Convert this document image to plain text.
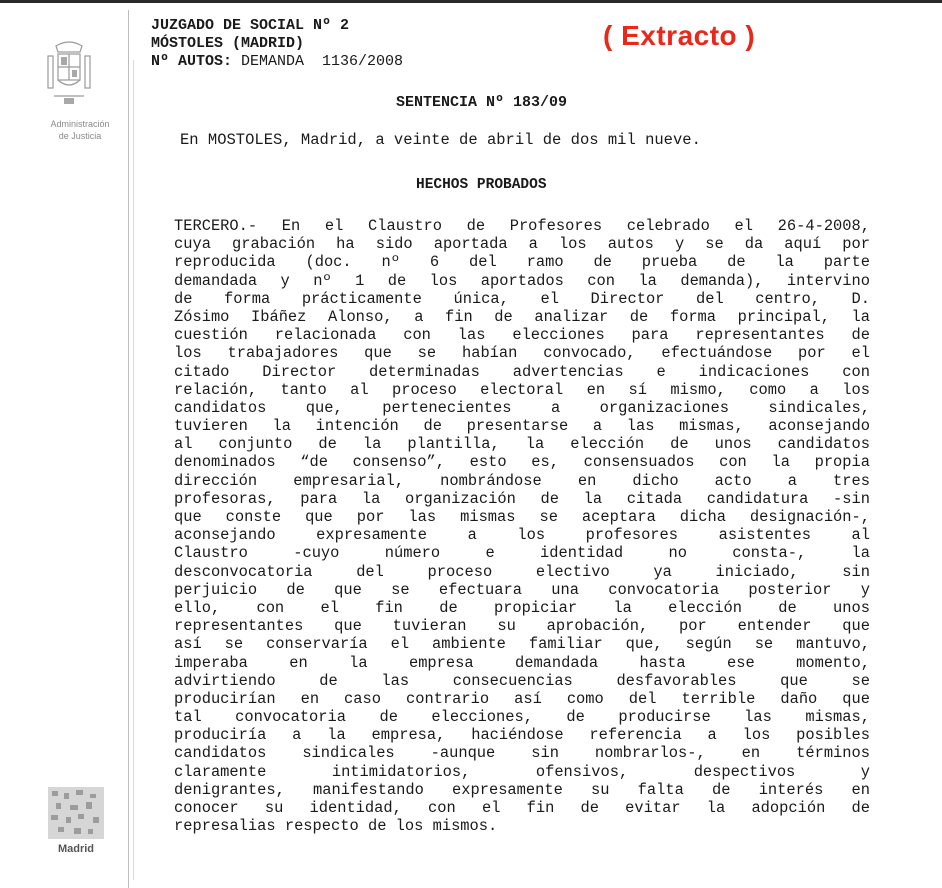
Administración
de Justicia
Madrid
JUZGADO DE SOCIAL Nº 2
MÓSTOLES (MADRID)
Nº AUTOS: DEMANDA  1136/2008
( Extracto )
SENTENCIA Nº 183/09
En MOSTOLES, Madrid, a veinte de abril de dos mil nueve.
HECHOS PROBADOS
TERCERO.- En el Claustro de Profesores celebrado el 26-4-2008,
cuya grabación ha sido aportada a los autos y se da aquí por
reproducida (doc. nº 6 del ramo de prueba de la parte
demandada y nº 1 de los aportados con la demanda), intervino
de forma prácticamente única, el Director del centro, D.
Zósimo Ibáñez Alonso, a fin de analizar de forma principal, la
cuestión relacionada con las elecciones para representantes de
los trabajadores que se habían convocado, efectuándose por el
citado Director determinadas advertencias e indicaciones con
relación, tanto al proceso electoral en sí mismo, como a los
candidatos que, pertenecientes a organizaciones sindicales,
tuvieren la intención de presentarse a las mismas, aconsejando
al conjunto de la plantilla, la elección de unos candidatos
denominados “de consenso”, esto es, consensuados con la propia
dirección empresarial, nombrándose en dicho acto a tres
profesoras, para la organización de la citada candidatura -sin
que conste que por las mismas se aceptara dicha designación-,
aconsejando expresamente a los profesores asistentes al
Claustro -cuyo número e identidad no consta-, la
desconvocatoria del proceso electivo ya iniciado, sin
perjuicio de que se efectuara una convocatoria posterior y
ello, con el fin de propiciar la elección de unos
representantes que tuvieran su aprobación, por entender que
así se conservaría el ambiente familiar que, según se mantuvo,
imperaba en la empresa demandada hasta ese momento,
advirtiendo de las consecuencias desfavorables que se
producirían en caso contrario así como del terrible daño que
tal convocatoria de elecciones, de producirse las mismas,
produciría a la empresa, haciéndose referencia a los posibles
candidatos sindicales -aunque sin nombrarlos-, en términos
claramente intimidatorios, ofensivos, despectivos y
denigrantes, manifestando expresamente su falta de interés en
conocer su identidad, con el fin de evitar la adopción de
represalias respecto de los mismos.
